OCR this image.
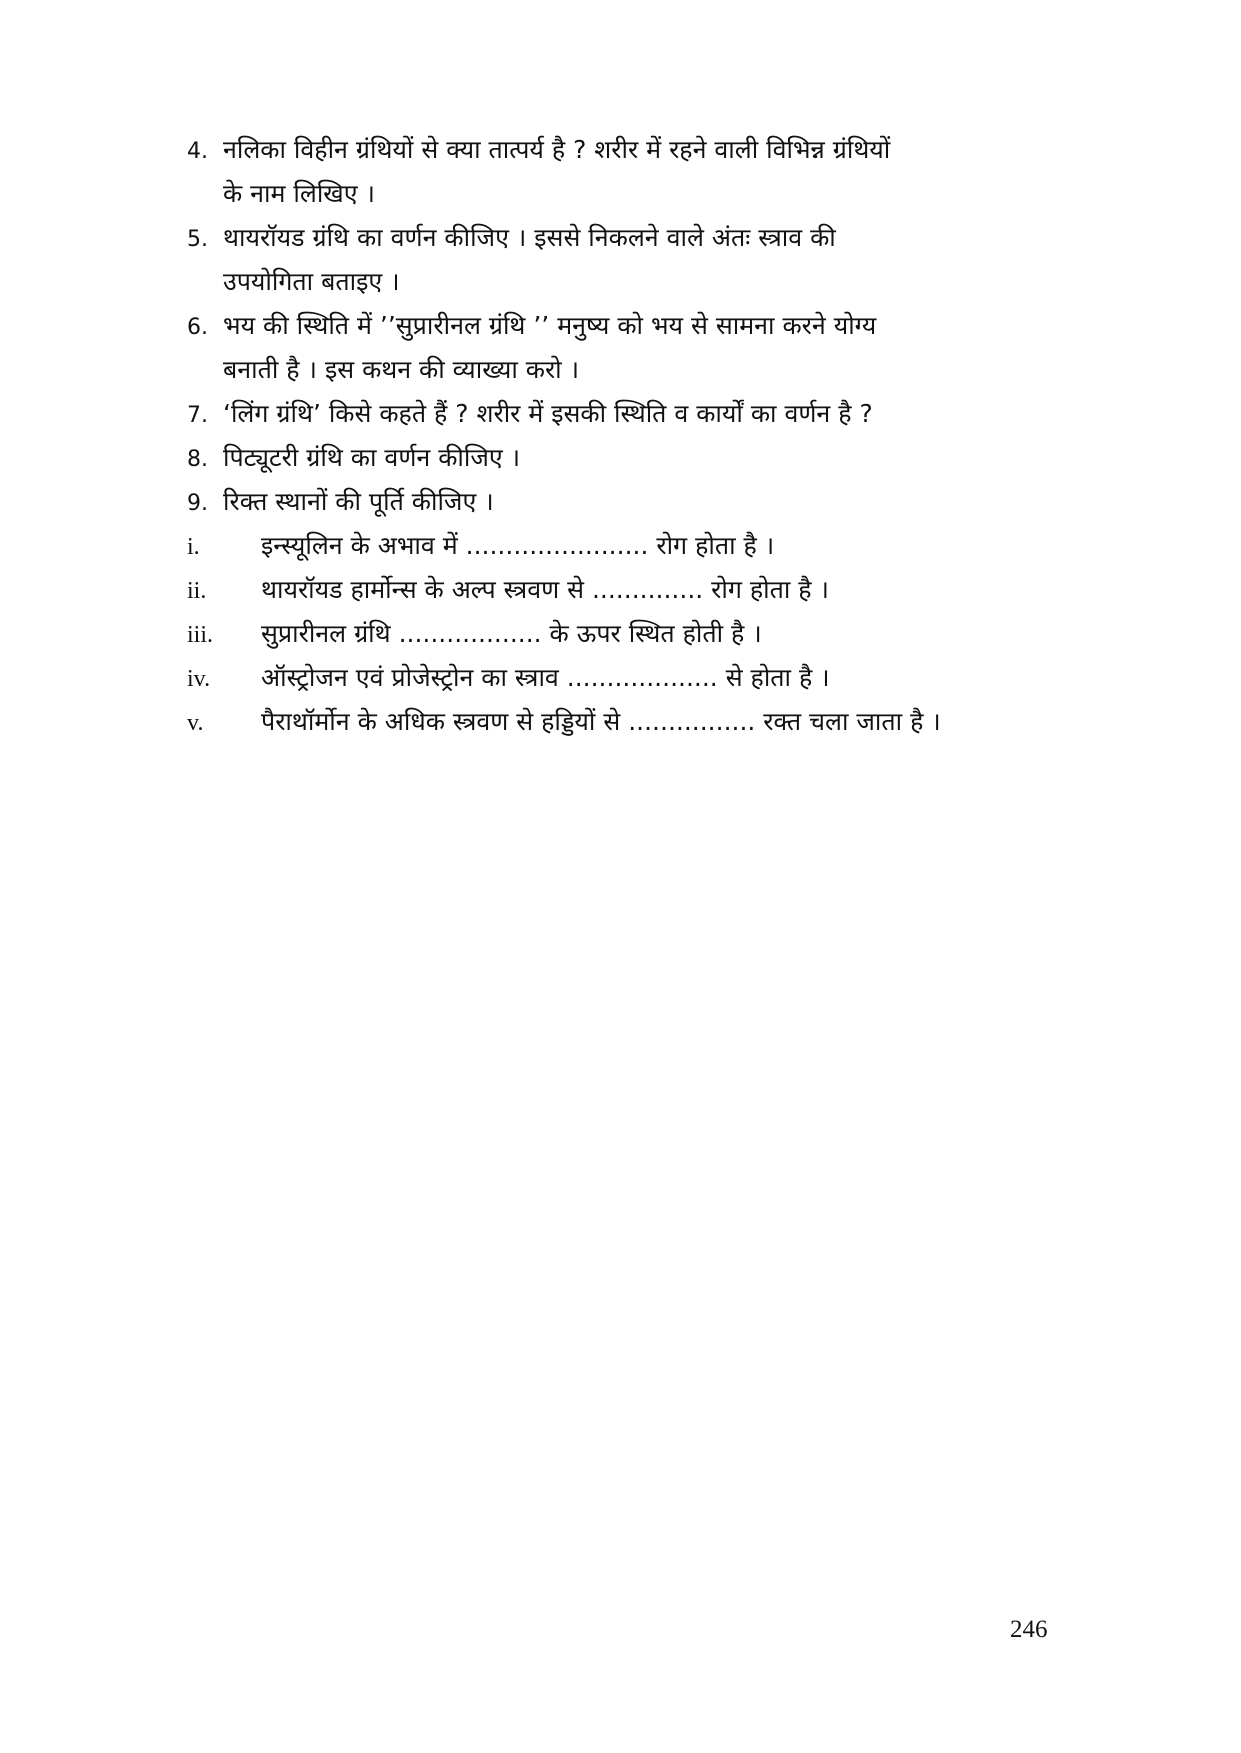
4. नलिका विहीन ग्रंथियों से क्या तात्पर्य है ? शरीर में रहने वाली विभिन्न ग्रंथियों
के नाम लिखिए ।
5. थायरॉयड ग्रंथि का वर्णन कीजिए । इससे निकलने वाले अंतः स्त्राव की
उपयोगिता बताइए ।
6. भय की स्थिति में ’’सुप्रारीनल ग्रंथि ’’ मनुष्य को भय से सामना करने योग्य
बनाती है । इस कथन की व्याख्या करो ।
7. ‘लिंग ग्रंथि’ किसे कहते हैं ? शरीर में इसकी स्थिति व कार्यों का वर्णन है ?
8. पिट्यूटरी ग्रंथि का वर्णन कीजिए ।
9. रिक्त स्थानों की पूर्ति कीजिए ।
i. इन्स्यूलिन के अभाव में ....................... रोग होता है ।
ii. थायरॉयड हार्मोन्स के अल्प स्त्रवण से .............. रोग होता है ।
iii. सुप्रारीनल ग्रंथि .................. के ऊपर स्थित होती है ।
iv. ऑस्ट्रोजन एवं प्रोजेस्ट्रोन का स्त्राव ................... से होता है ।
v. पैराथॉर्मोन के अधिक स्त्रवण से हड्डियों से ................ रक्त चला जाता है ।
246
